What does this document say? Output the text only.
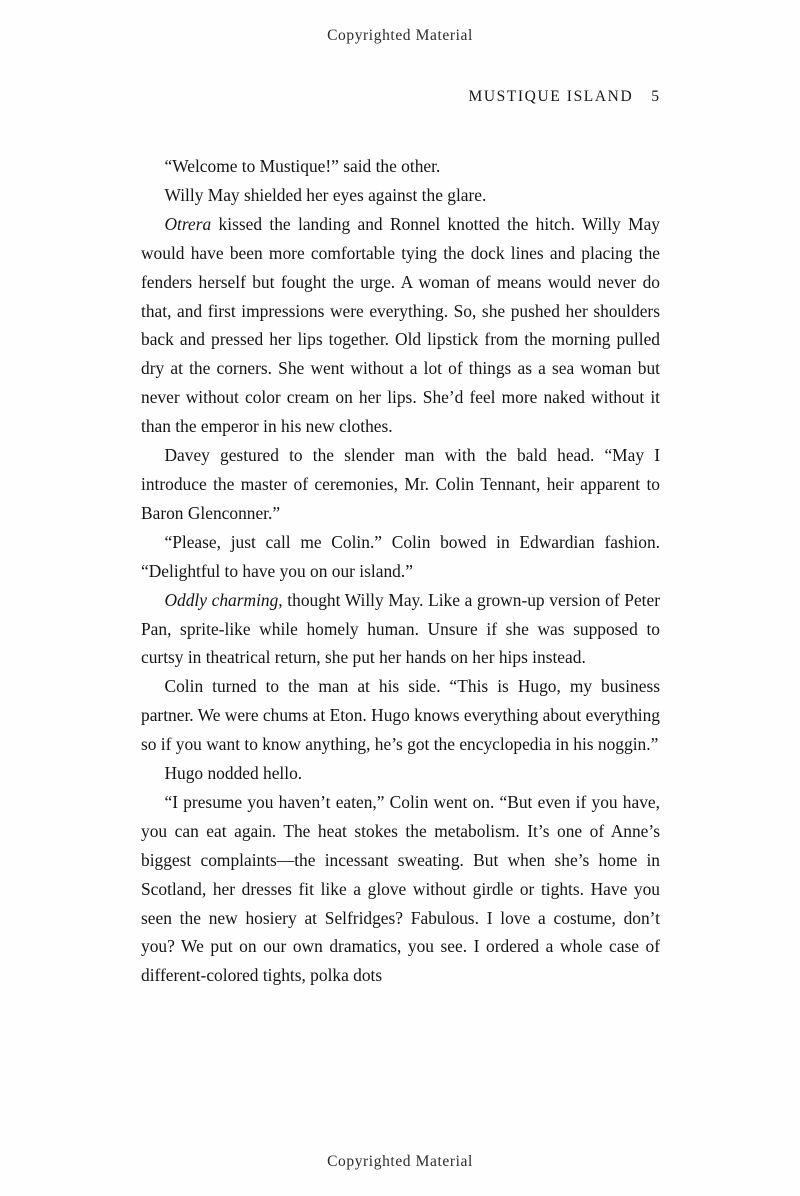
Copyrighted Material
MUSTIQUE ISLAND 5

“Welcome to Mustique!” said the other.

Willy May shielded her eyes against the glare.

Otrera kissed the landing and Ronnel knotted the hitch. Willy May would have been more comfortable tying the dock lines and placing the fenders herself but fought the urge. A woman of means would never do that, and first impressions were everything. So, she pushed her shoulders back and pressed her lips together. Old lipstick from the morning pulled dry at the corners. She went without a lot of things as a sea woman but never without color cream on her lips. She’d feel more naked without it than the emperor in his new clothes.

Davey gestured to the slender man with the bald head. “May I introduce the master of ceremonies, Mr. Colin Tennant, heir apparent to Baron Glenconner.”

“Please, just call me Colin.” Colin bowed in Edwardian fashion. “Delightful to have you on our island.”

Oddly charming, thought Willy May. Like a grown-up version of Peter Pan, sprite-like while homely human. Unsure if she was supposed to curtsy in theatrical return, she put her hands on her hips instead.

Colin turned to the man at his side. “This is Hugo, my business partner. We were chums at Eton. Hugo knows everything about everything so if you want to know anything, he’s got the encyclopedia in his noggin.”

Hugo nodded hello.

“I presume you haven’t eaten,” Colin went on. “But even if you have, you can eat again. The heat stokes the metabolism. It’s one of Anne’s biggest complaints—the incessant sweating. But when she’s home in Scotland, her dresses fit like a glove without girdle or tights. Have you seen the new hosiery at Selfridges? Fabulous. I love a costume, don’t you? We put on our own dramatics, you see. I ordered a whole case of different-colored tights, polka dots

Copyrighted Material
